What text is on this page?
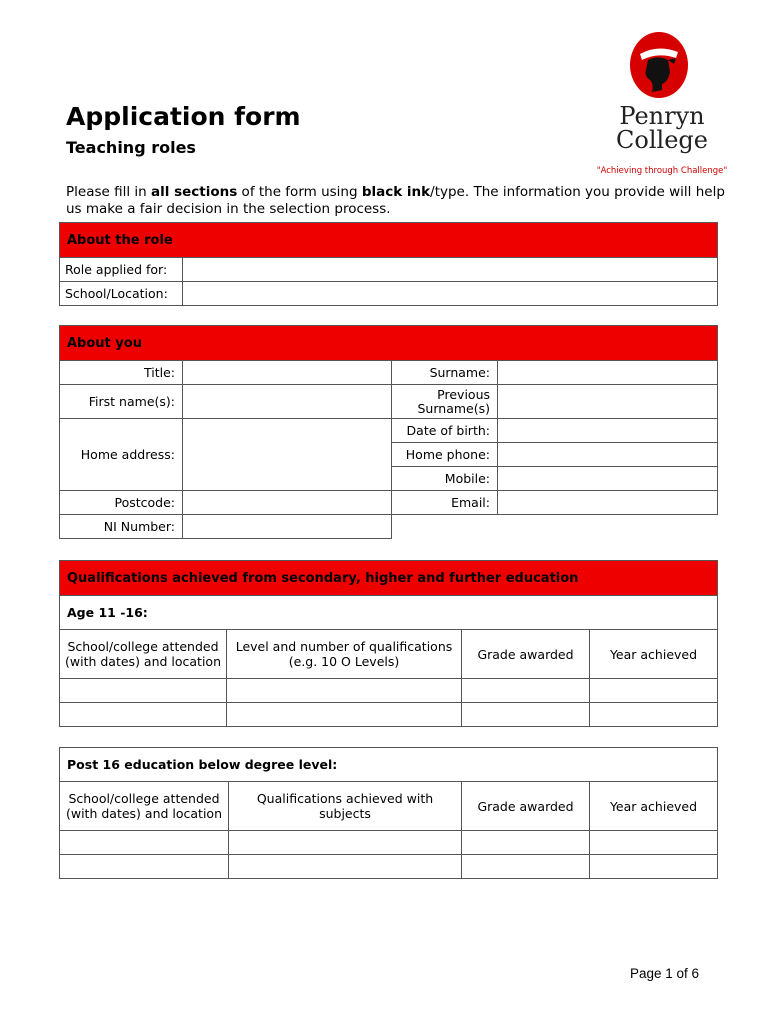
Penryn
College
"Achieving through Challenge"
Application form
Teaching roles
Please fill in all sections of the form using black ink/type. The information you provide will help us make a fair decision in the selection process.
About the role	
Role applied for:	
School/Location:	
About you			
Title:		Surname:	
First name(s):		Previous Surname(s)	
Home address:		Date of birth:	
		Home phone:	
		Mobile:	
Postcode:		Email:	
NI Number:			
Qualifications achieved from secondary, higher and further education			
Age 11 -16:			
School/college attended (with dates) and location	Level and number of qualifications (e.g. 10 O Levels)	Grade awarded	Year achieved

Post 16 education below degree level:			
School/college attended (with dates) and location	Qualifications achieved with subjects	Grade awarded	Year achieved

Page 1 of 6
